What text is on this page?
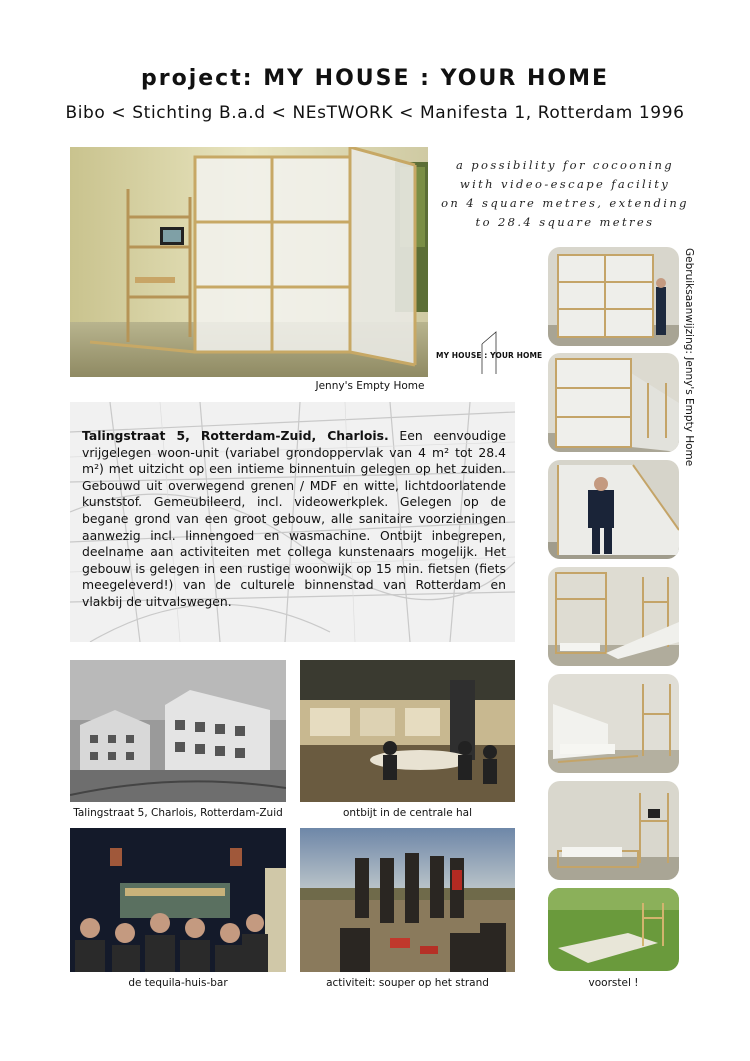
project: MY HOUSE : YOUR HOME
Bibo < Stichting B.a.d < NEsTWORK < Manifesta 1, Rotterdam 1996
Jenny's Empty Home
a possibility for cocooning
with video-escape facility
on 4 square metres, extending
to 28.4 square metres
MY HOUSE : YOUR HOME
Talingstraat 5, Rotterdam-Zuid, Charlois. Een eenvoudige vrijgelegen woon-unit (variabel grondoppervlak van 4 m² tot 28.4 m²) met uitzicht op een intieme binnentuin gelegen op het zuiden. Gebouwd uit overwegend grenen / MDF en witte, lichtdoorlatende kunststof. Gemeubileerd, incl. videowerkplek. Gelegen op de begane grond van een groot gebouw, alle sanitaire voorzieningen aanwezig incl. linnengoed en wasmachine. Ontbijt inbegrepen, deelname aan activiteiten met collega kunstenaars mogelijk. Het gebouw is gelegen in een rustige woonwijk op 15 min. fietsen (fiets meegeleverd!) van de culturele binnenstad van Rotterdam en vlakbij de uitvalswegen.
Talingstraat 5, Charlois, Rotterdam-Zuid	ontbijt in de centrale hal
de tequila-huis-bar	activiteit: souper op het strand	voorstel !
Gebruiksaanwijzing: Jenny's Empty Home
